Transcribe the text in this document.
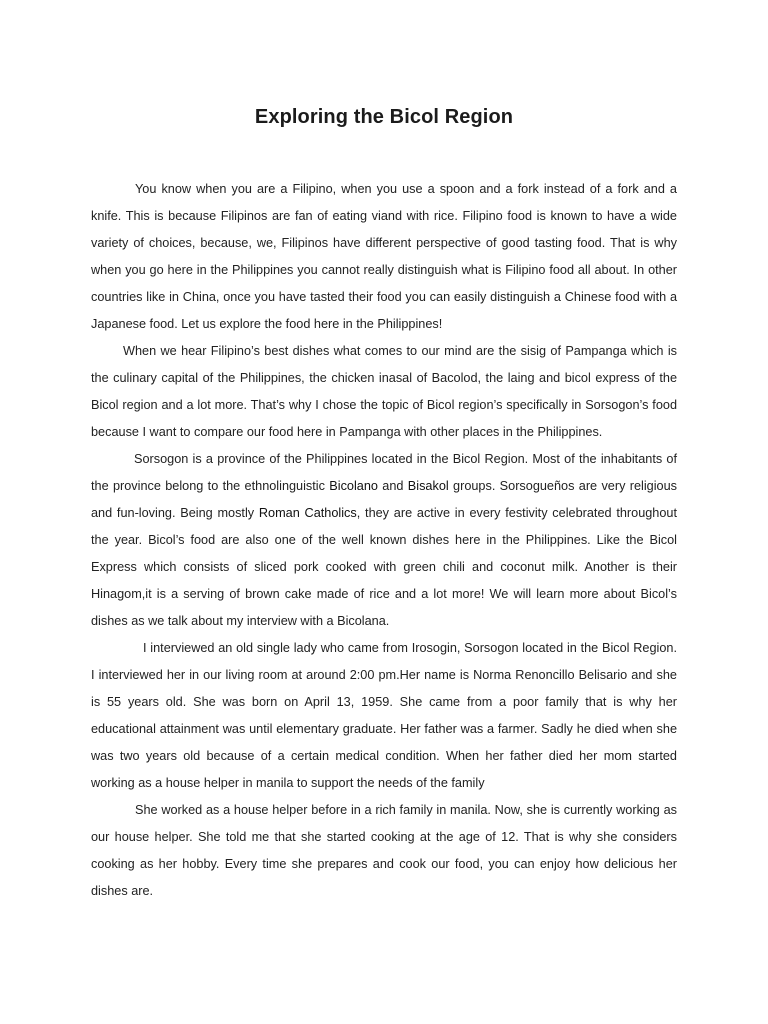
Exploring the Bicol Region

You know when you are a Filipino, when you use a spoon and a fork instead of a fork and a knife. This is because Filipinos are fan of eating viand with rice. Filipino food is known to have a wide variety of choices, because, we, Filipinos have different perspective of good tasting food. That is why when you go here in the Philippines you cannot really distinguish what is Filipino food all about. In other countries like in China, once you have tasted their food you can easily distinguish a Chinese food with a Japanese food. Let us explore the food here in the Philippines!

When we hear Filipino’s best dishes what comes to our mind are the sisig of Pampanga which is the culinary capital of the Philippines, the chicken inasal of Bacolod, the laing and bicol express of the Bicol region and a lot more. That’s why I chose the topic of Bicol region’s specifically in Sorsogon’s food because I want to compare our food here in Pampanga with other places in the Philippines.

Sorsogon is a province of the Philippines located in the Bicol Region. Most of the inhabitants of the province belong to the ethnolinguistic Bicolano and Bisakol groups. Sorsogueños are very religious and fun-loving. Being mostly Roman Catholics, they are active in every festivity celebrated throughout the year. Bicol’s food are also one of the well known dishes here in the Philippines. Like the Bicol Express which consists of sliced pork cooked with green chili and coconut milk. Another is their Hinagom,it is a serving of brown cake made of rice and a lot more! We will learn more about Bicol’s dishes as we talk about my interview with a Bicolana.

I interviewed an old single lady who came from Irosogin, Sorsogon located in the Bicol Region. I interviewed her in our living room at around 2:00 pm.Her name is Norma Renoncillo Belisario and she is 55 years old. She was born on April 13, 1959. She came from a poor family that is why her educational attainment was until elementary graduate. Her father was a farmer. Sadly he died when she was two years old because of a certain medical condition. When her father died her mom started working as a house helper in manila to support the needs of the family

She worked as a house helper before in a rich family in manila. Now, she is currently working as our house helper. She told me that she started cooking at the age of 12. That is why she considers cooking as her hobby. Every time she prepares and cook our food, you can enjoy how delicious her dishes are.
